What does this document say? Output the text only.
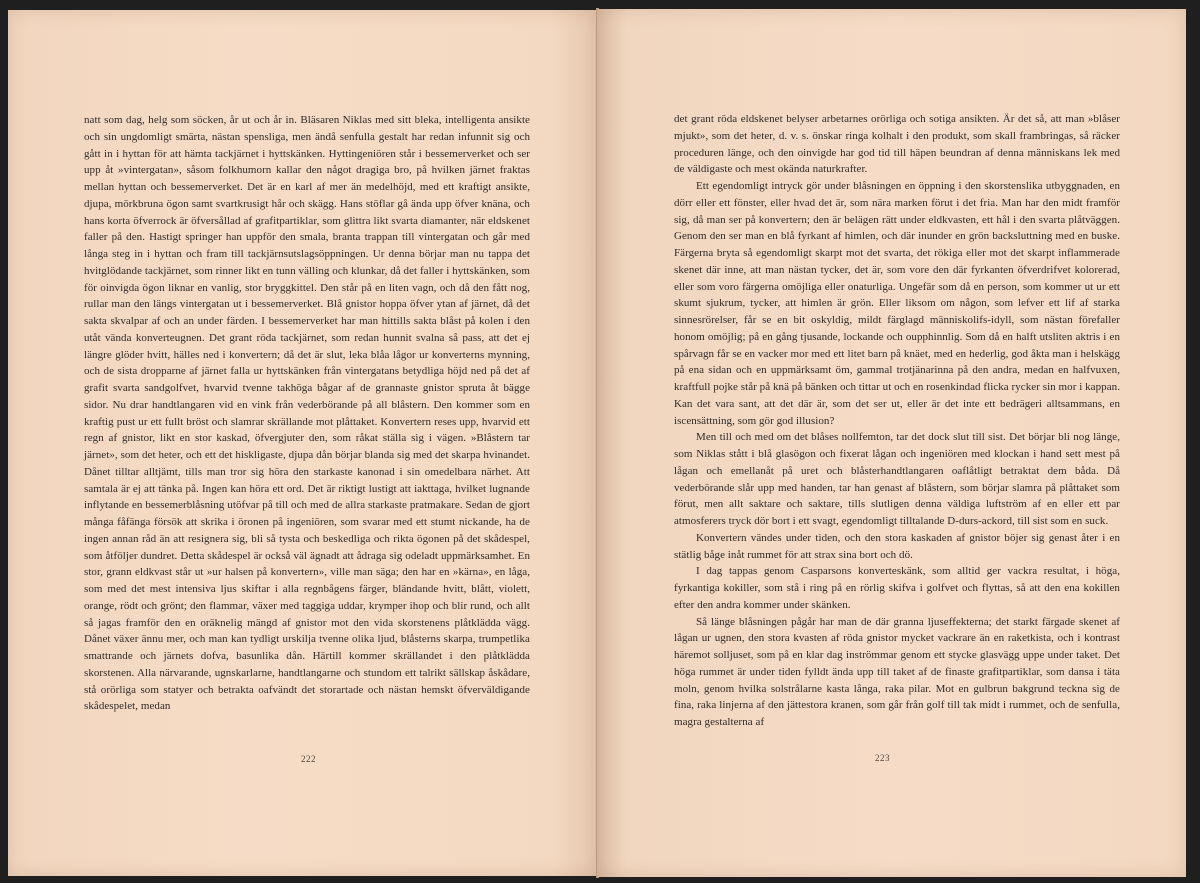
natt som dag, helg som söcken, år ut och år in. Bläsaren Niklas med sitt bleka, intelligenta ansikte och sin ungdomligt smärta, nästan spensliga, men ändå senfulla gestalt har redan infunnit sig och gått in i hyttan för att hämta tackjärnet i hyttskänken. Hyttingeniören står i bessemerverket och ser upp åt »vintergatan», såsom folkhumorn kallar den något dragiga bro, på hvilken järnet fraktas mellan hyttan och bessemerverket. Det är en karl af mer än medelhöjd, med ett kraftigt ansikte, djupa, mörkbruna ögon samt svartkrusigt hår och skägg. Hans stöflar gå ända upp öfver knäna, och hans korta öfverrock är öfversållad af grafitpartiklar, som glittra likt svarta diamanter, när eldskenet faller på den. Hastigt springer han uppför den smala, branta trappan till vintergatan och går med långa steg in i hyttan och fram till tackjärnsutslagsöppningen. Ur denna börjar man nu tappa det hvitglödande tackjärnet, som rinner likt en tunn välling och klunkar, då det faller i hyttskänken, som för oinvigda ögon liknar en vanlig, stor bryggkittel. Den står på en liten vagn, och då den fått nog, rullar man den längs vintergatan ut i bessemerverket. Blå gnistor hoppa öfver ytan af järnet, då det sakta skvalpar af och an under färden. I bessemerverket har man hittills sakta blåst på kolen i den utåt vända konverteugnen. Det grant röda tackjärnet, som redan hunnit svalna så pass, att det ej längre glöder hvitt, hälles ned i konvertern; då det är slut, leka blåa lågor ur konverterns mynning, och de sista dropparne af järnet falla ur hyttskänken från vintergatans betydliga höjd ned på det af grafit svarta sandgolfvet, hvarvid tvenne takhöga bågar af de grannaste gnistor spruta åt bägge sidor. Nu drar handtlangaren vid en vink från vederbörande på all blåstern. Den kommer som en kraftig pust ur ett fullt bröst och slamrar skrällande mot plåttaket. Konvertern reses upp, hvarvid ett regn af gnistor, likt en stor kaskad, öfvergjuter den, som råkat ställa sig i vägen. »Blåstern tar järnet», som det heter, och ett det hiskligaste, djupa dån börjar blanda sig med det skarpa hvinandet. Dånet tilltar alltjämt, tills man tror sig höra den starkaste kanonad i sin omedelbara närhet. Att samtala är ej att tänka på. Ingen kan höra ett ord. Det är riktigt lustigt att iakttaga, hvilket lugnande inflytande en bessemerblåsning utöfvar på till och med de allra starkaste pratmakare. Sedan de gjort många fåfänga försök att skrika i öronen på ingeniören, som svarar med ett stumt nickande, ha de ingen annan råd än att resignera sig, bli så tysta och beskedliga och rikta ögonen på det skådespel, som åtföljer dundret. Detta skådespel är också väl ägnadt att ådraga sig odeladt uppmärksamhet. En stor, grann eldkvast står ut »ur halsen på konvertern», ville man säga; den har en »kärna», en låga, som med det mest intensiva ljus skiftar i alla regnbågens färger, bländande hvitt, blått, violett, orange, rödt och grönt; den flammar, växer med taggiga uddar, krymper ihop och blir rund, och allt så jagas framför den en oräknelig mängd af gnistor mot den vida skorstenens plåtklädda vägg. Dånet växer ännu mer, och man kan tydligt urskilja tvenne olika ljud, blåsterns skarpa, trumpetlika smattrande och järnets dofva, basunlika dån. Härtill kommer skrällandet i den plåtklädda skorstenen. Alla närvarande, ugnskarlarne, handtlangarne och stundom ett talrikt sällskap åskådare, stå orörliga som statyer och betrakta oafvändt det storartade och nästan hemskt öfverväldigande skådespelet, medan

222

det grant röda eldskenet belyser arbetarnes orörliga och sotiga ansikten. Är det så, att man »blåser mjukt», som det heter, d. v. s. önskar ringa kolhalt i den produkt, som skall frambringas, så räcker proceduren länge, och den oinvigde har god tid till häpen beundran af denna människans lek med de väldigaste och mest okända naturkrafter.

Ett egendomligt intryck gör under blåsningen en öppning i den skorstenslika utbyggnaden, en dörr eller ett fönster, eller hvad det är, som nära marken förut i det fria. Man har den midt framför sig, då man ser på konvertern; den är belägen rätt under eldkvasten, ett hål i den svarta plåtväggen. Genom den ser man en blå fyrkant af himlen, och där inunder en grön backsluttning med en buske. Färgerna bryta så egendomligt skarpt mot det svarta, det rökiga eller mot det skarpt inflammerade skenet där inne, att man nästan tycker, det är, som vore den där fyrkanten öfverdrifvet kolorerad, eller som voro färgerna omöjliga eller onaturliga. Ungefär som då en person, som kommer ut ur ett skumt sjukrum, tycker, att himlen är grön. Eller liksom om någon, som lefver ett lif af starka sinnesrörelser, får se en bit oskyldig, mildt färglagd människolifs-idyll, som nästan förefaller honom omöjlig; på en gång tjusande, lockande och oupphinnlig. Som då en halft utsliten aktris i en spårvagn får se en vacker mor med ett litet barn på knäet, med en hederlig, god åkta man i helskägg på ena sidan och en uppmärksamt öm, gammal trotjänarinna på den andra, medan en halfvuxen, kraftfull pojke står på knä på bänken och tittar ut och en rosenkindad flicka rycker sin mor i kappan. Kan det vara sant, att det där är, som det ser ut, eller är det inte ett bedrägeri alltsammans, en iscensättning, som gör god illusion?

Men till och med om det blåses nollfemton, tar det dock slut till sist. Det börjar bli nog länge, som Niklas stått i blå glasögon och fixerat lågan och ingeniören med klockan i hand sett mest på lågan och emellanåt på uret och blåsterhandtlangaren oaflåtligt betraktat dem båda. Då vederbörande slår upp med handen, tar han genast af blåstern, som börjar slamra på plåttaket som förut, men allt saktare och saktare, tills slutligen denna väldiga luftström af en eller ett par atmosferers tryck dör bort i ett svagt, egendomligt tilltalande D-durs-ackord, till sist som en suck.

Konvertern vändes under tiden, och den stora kaskaden af gnistor böjer sig genast åter i en stätlig båge inåt rummet för att strax sina bort och dö.

I dag tappas genom Casparsons konverteskänk, som alltid ger vackra resultat, i höga, fyrkantiga kokiller, som stå i ring på en rörlig skifva i golfvet och flyttas, så att den ena kokillen efter den andra kommer under skänken.

Så länge blåsningen pågår har man de där granna ljuseffekterna; det starkt färgade skenet af lågan ur ugnen, den stora kvasten af röda gnistor mycket vackrare än en raketkista, och i kontrast häremot solljuset, som på en klar dag inströmmar genom ett stycke glasvägg uppe under taket. Det höga rummet är under tiden fylldt ända upp till taket af de finaste grafitpartiklar, som dansa i täta moln, genom hvilka solstrålarne kasta långa, raka pilar. Mot en gulbrun bakgrund teckna sig de fina, raka linjerna af den jättestora kranen, som går från golf till tak midt i rummet, och de senfulla, magra gestalterna af

223
